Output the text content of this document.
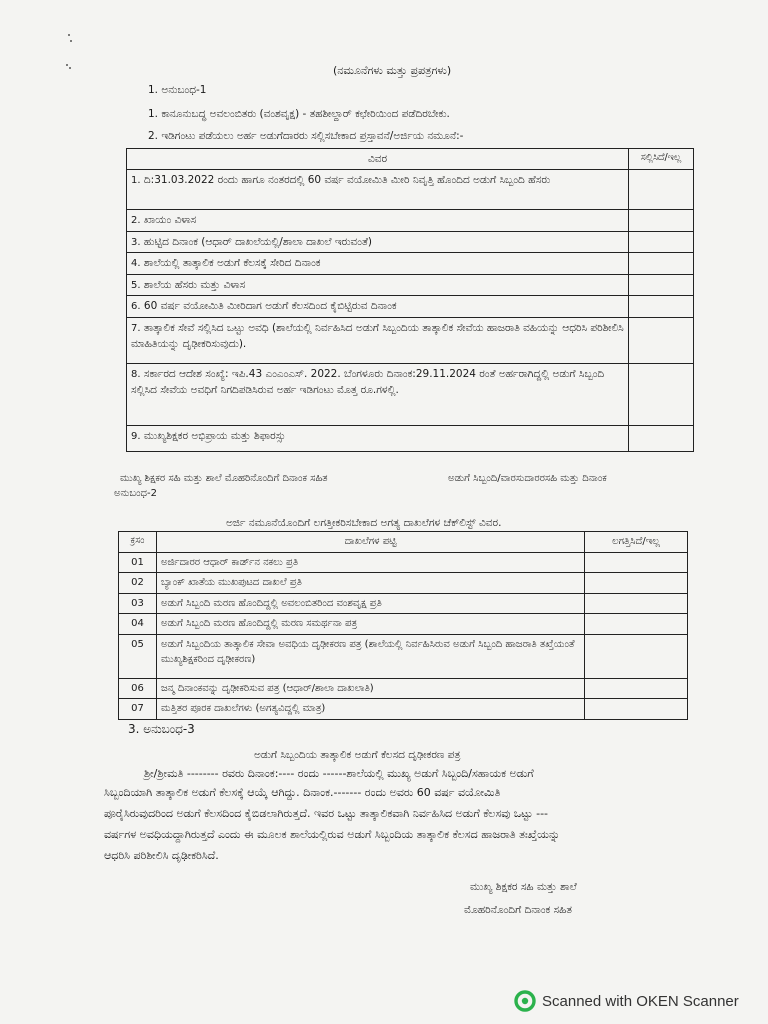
(ನಮೂನೆಗಳು ಮತ್ತು ಪ್ರಪತ್ರಗಳು)
1. ಅನುಬಂಧ-1
1. ಕಾನೂನುಬದ್ಧ ಅವಲಂಬಿತರು (ವಂಶವೃಕ್ಷ) - ತಹಶೀಲ್ದಾರ್ ಕಛೇರಿಯಿಂದ ಪಡೆದಿರಬೇಕು.
2. ಇಡಿಗಂಟು ಪಡೆಯಲು ಅರ್ಹ ಅಡುಗೆದಾರರು ಸಲ್ಲಿಸಬೇಕಾದ ಪ್ರಸ್ತಾವನೆ/ಅರ್ಜಿಯ ನಮೂನೆ:-
ವಿವರ	ಸಲ್ಲಿಸಿದೆ/ಇಲ್ಲ
1. ದಿ:31.03.2022 ರಂದು ಹಾಗೂ ನಂತರದಲ್ಲಿ 60 ವರ್ಷ ವಯೋಮಿತಿ ಮೀರಿ ನಿವೃತ್ತಿ ಹೊಂದಿದ ಅಡುಗೆ ಸಿಬ್ಬಂದಿ ಹೆಸರು	
2. ಖಾಯಂ ವಿಳಾಸ	
3. ಹುಟ್ಟಿದ ದಿನಾಂಕ (ಆಧಾರ್ ದಾಖಲೆಯಲ್ಲಿ/ಶಾಲಾ ದಾಖಲೆ ಇರುವಂತೆ)	
4. ಶಾಲೆಯಲ್ಲಿ ತಾತ್ಕಾಲಿಕ ಅಡುಗೆ ಕೆಲಸಕ್ಕೆ ಸೇರಿದ ದಿನಾಂಕ	
5. ಶಾಲೆಯ ಹೆಸರು ಮತ್ತು ವಿಳಾಸ	
6. 60 ವರ್ಷ ವಯೋಮಿತಿ ಮೀರಿದಾಗ ಅಡುಗೆ ಕೆಲಸದಿಂದ ಕೈಬಿಟ್ಟಿರುವ ದಿನಾಂಕ	
7. ತಾತ್ಕಾಲಿಕ ಸೇವೆ ಸಲ್ಲಿಸಿದ ಒಟ್ಟು ಅವಧಿ (ಶಾಲೆಯಲ್ಲಿ ನಿರ್ವಹಿಸಿದ ಅಡುಗೆ ಸಿಬ್ಬಂದಿಯ ತಾತ್ಕಾಲಿಕ ಸೇವೆಯ ಹಾಜರಾತಿ ವಹಿಯನ್ನು ಆಧರಿಸಿ ಪರಿಶೀಲಿಸಿ ಮಾಹಿತಿಯನ್ನು ದೃಢೀಕರಿಸುವುದು).	
8. ಸರ್ಕಾರದ ಆದೇಶ ಸಂಖ್ಯೆ: ಇಪಿ.43 ಎಂಎಂಎಸ್. 2022. ಬೆಂಗಳೂರು ದಿನಾಂಕ:29.11.2024 ರಂತೆ ಅರ್ಹರಾಗಿದ್ದಲ್ಲಿ ಅಡುಗೆ ಸಿಬ್ಬಂದಿ ಸಲ್ಲಿಸಿದ ಸೇವೆಯ ಅವಧಿಗೆ ನಿಗದಿಪಡಿಸಿರುವ ಅರ್ಹ ಇಡಿಗಂಟು ಮೊತ್ತ ರೂ.ಗಳಲ್ಲಿ.	
9. ಮುಖ್ಯಶಿಕ್ಷಕರ ಅಭಿಪ್ರಾಯ ಮತ್ತು ಶಿಫಾರಸ್ಸು	
ಮುಖ್ಯ ಶಿಕ್ಷಕರ ಸಹಿ ಮತ್ತು ಶಾಲೆ ಮೊಹರಿನೊಂದಿಗೆ ದಿನಾಂಕ ಸಹಿತ	ಅಡುಗೆ ಸಿಬ್ಬಂದಿ/ವಾರಸುದಾರರಸಹಿ ಮತ್ತು ದಿನಾಂಕ
ಅನುಬಂಧ-2
ಅರ್ಜಿ ನಮೂನೆಯೊಂದಿಗೆ ಲಗತ್ತೀಕರಿಸಬೇಕಾದ ಅಗತ್ಯ ದಾಖಲೆಗಳ ಚೆಕ್‌ಲಿಸ್ಟ್ ವಿವರ.
ಕ್ರಸಂ	ದಾಖಲೆಗಳ ಪಟ್ಟಿ	ಲಗತ್ತಿಸಿದೆ/ಇಲ್ಲ
01	ಅರ್ಜಿದಾರರ ಆಧಾರ್ ಕಾರ್ಡ್‌ನ ನಕಲು ಪ್ರತಿ	
02	ಬ್ಯಾಂಕ್ ಖಾತೆಯ ಮುಖಪುಟದ ದಾಖಲೆ ಪ್ರತಿ	
03	ಅಡುಗೆ ಸಿಬ್ಬಂದಿ ಮರಣ ಹೊಂದಿದ್ದಲ್ಲಿ ಅವಲಂಬಿತರಿಂದ ವಂಶವೃಕ್ಷ ಪ್ರತಿ	
04	ಅಡುಗೆ ಸಿಬ್ಬಂದಿ ಮರಣ ಹೊಂದಿದ್ದಲ್ಲಿ ಮರಣ ಸಮರ್ಥನಾ ಪತ್ರ	
05	ಅಡುಗೆ ಸಿಬ್ಬಂದಿಯ ತಾತ್ಕಾಲಿಕ ಸೇವಾ ಅವಧಿಯ ದೃಢೀಕರಣ ಪತ್ರ (ಶಾಲೆಯಲ್ಲಿ ನಿರ್ವಹಿಸಿರುವ ಅಡುಗೆ ಸಿಬ್ಬಂದಿ ಹಾಜರಾತಿ ತಖ್ತೆಯಂತೆ ಮುಖ್ಯಶಿಕ್ಷಕರಿಂದ ದೃಢೀಕರಣ)	
06	ಜನ್ಮ ದಿನಾಂಕವನ್ನು ದೃಢೀಕರಿಸುವ ಪತ್ರ (ಆಧಾರ್/ಶಾಲಾ ದಾಖಲಾತಿ)	
07	ಮತ್ತಿತರ ಪೂರಕ ದಾಖಲೆಗಳು (ಅಗತ್ಯವಿದ್ದಲ್ಲಿ ಮಾತ್ರ)	
3. ಅನುಬಂಧ-3
ಅಡುಗೆ ಸಿಬ್ಬಂದಿಯ ತಾತ್ಕಾಲಿಕ ಅಡುಗೆ ಕೆಲಸದ ದೃಢೀಕರಣ ಪತ್ರ
ಶ್ರೀ/ಶ್ರೀಮತಿ -------- ರವರು ದಿನಾಂಕ:---- ರಂದು ------ಶಾಲೆಯಲ್ಲಿ ಮುಖ್ಯ ಅಡುಗೆ ಸಿಬ್ಬಂದಿ/ಸಹಾಯಕ ಅಡುಗೆ
ಸಿಬ್ಬಂದಿಯಾಗಿ ತಾತ್ಕಾಲಿಕ ಅಡುಗೆ ಕೆಲಸಕ್ಕೆ ಆಯ್ಕೆ ಆಗಿದ್ದು. ದಿನಾಂಕ.------- ರಂದು ಅವರು 60 ವರ್ಷ ವಯೋಮಿತಿ
ಪೂರೈಸಿರುವುದರಿಂದ ಅಡುಗೆ ಕೆಲಸದಿಂದ ಕೈಬಿಡಲಾಗಿರುತ್ತದೆ. ಇವರ ಒಟ್ಟು ತಾತ್ಕಾಲಿಕವಾಗಿ ನಿರ್ವಹಿಸಿದ ಅಡುಗೆ ಕೆಲಸವು ಒಟ್ಟು ---
ವರ್ಷಗಳ ಅವಧಿಯದ್ದಾಗಿರುತ್ತದೆ ಎಂದು ಈ ಮೂಲಕ ಶಾಲೆಯಲ್ಲಿರುವ ಅಡುಗೆ ಸಿಬ್ಬಂದಿಯ ತಾತ್ಕಾಲಿಕ ಕೆಲಸದ ಹಾಜರಾತಿ ತಃಖ್ತೆಯನ್ನು
ಆಧರಿಸಿ ಪರಿಶೀಲಿಸಿ ದೃಢೀಕರಿಸಿದೆ.
ಮುಖ್ಯ ಶಿಕ್ಷಕರ ಸಹಿ ಮತ್ತು ಶಾಲೆ
ಮೊಹರಿನೊಂದಿಗೆ ದಿನಾಂಕ ಸಹಿತ
Scanned with OKEN Scanner
